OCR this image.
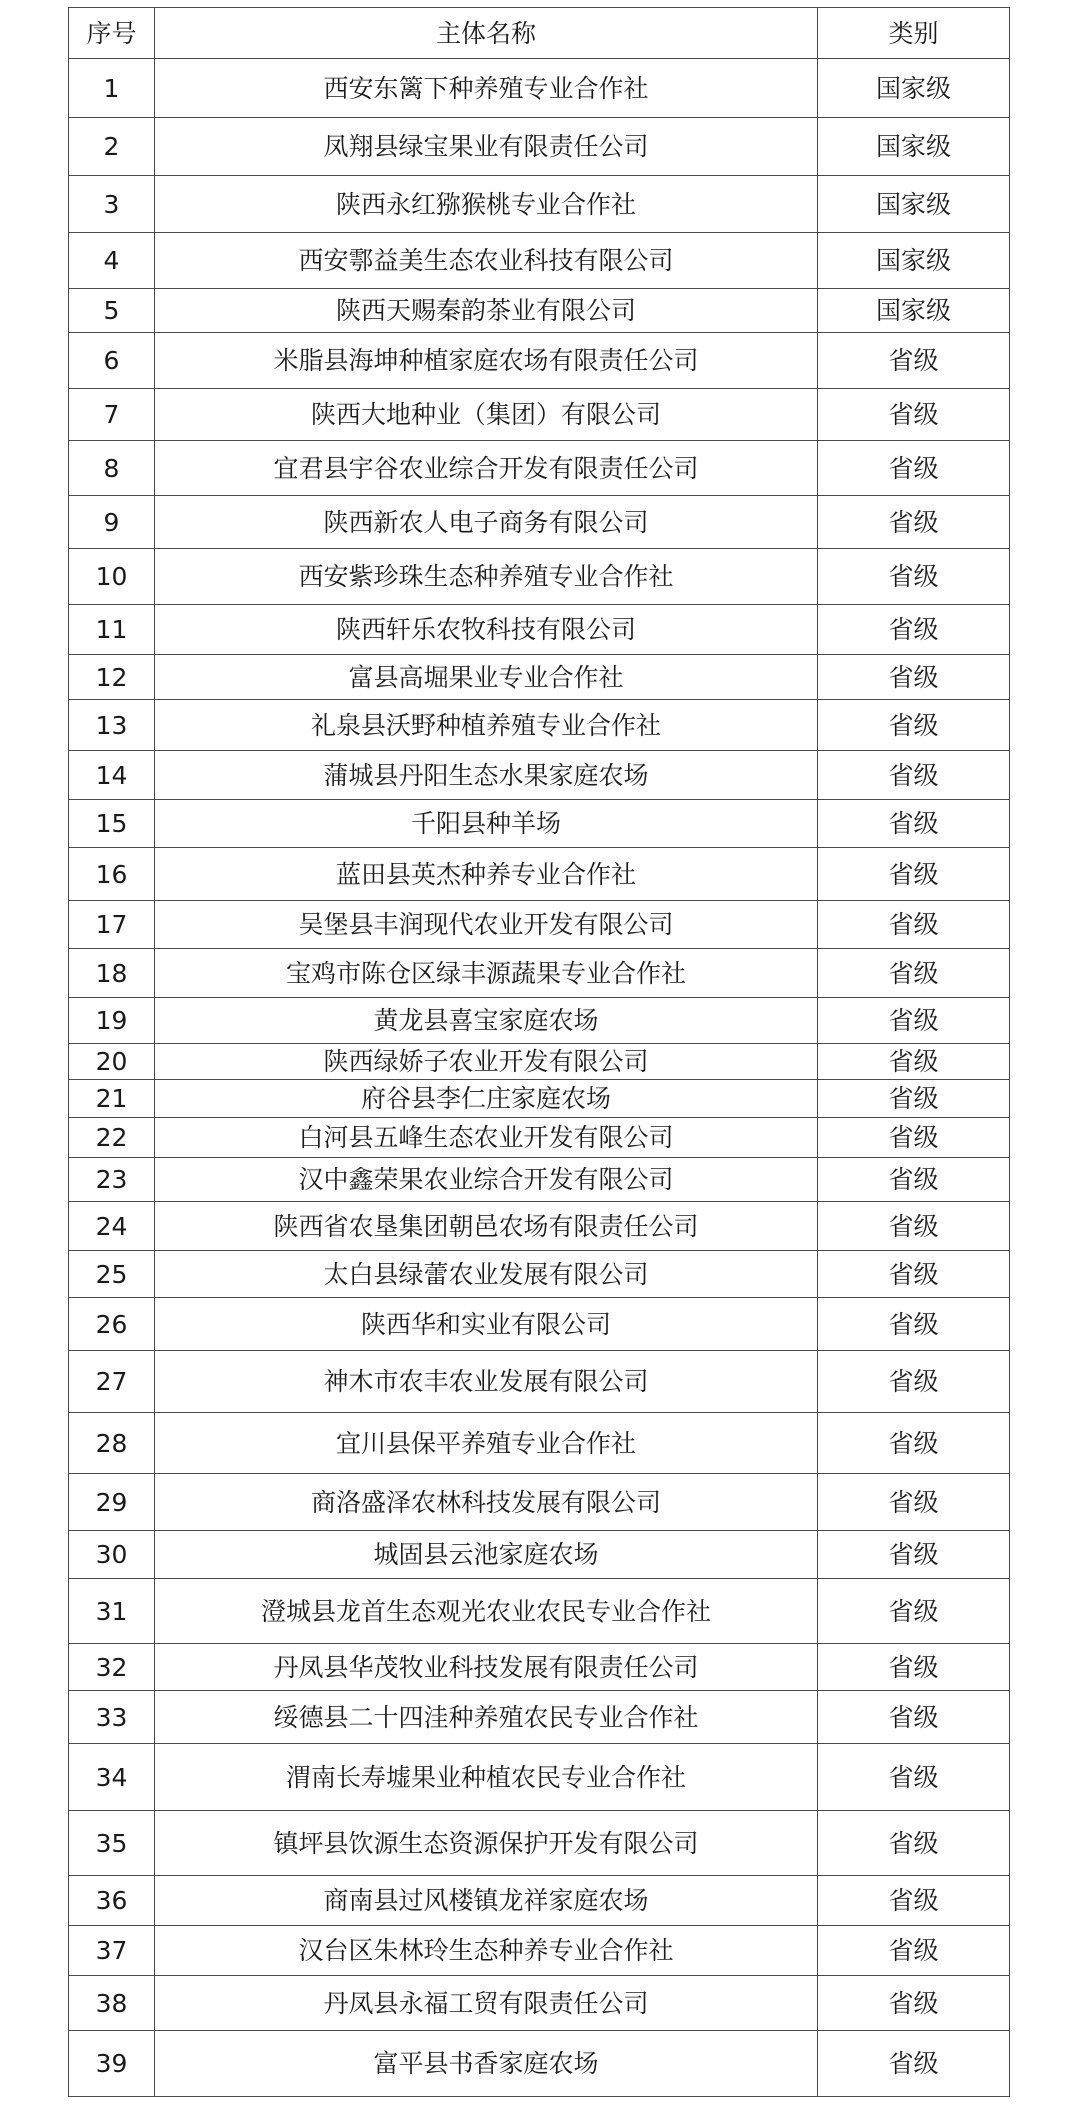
序号	主体名称	类别
1	西安东篱下种养殖专业合作社	国家级
2	凤翔县绿宝果业有限责任公司	国家级
3	陕西永红猕猴桃专业合作社	国家级
4	西安鄠益美生态农业科技有限公司	国家级
5	陕西天赐秦韵茶业有限公司	国家级
6	米脂县海坤种植家庭农场有限责任公司	省级
7	陕西大地种业（集团）有限公司	省级
8	宜君县宇谷农业综合开发有限责任公司	省级
9	陕西新农人电子商务有限公司	省级
10	西安紫珍珠生态种养殖专业合作社	省级
11	陕西轩乐农牧科技有限公司	省级
12	富县高堀果业专业合作社	省级
13	礼泉县沃野种植养殖专业合作社	省级
14	蒲城县丹阳生态水果家庭农场	省级
15	千阳县种羊场	省级
16	蓝田县英杰种养专业合作社	省级
17	吴堡县丰润现代农业开发有限公司	省级
18	宝鸡市陈仓区绿丰源蔬果专业合作社	省级
19	黄龙县喜宝家庭农场	省级
20	陕西绿娇子农业开发有限公司	省级
21	府谷县李仁庄家庭农场	省级
22	白河县五峰生态农业开发有限公司	省级
23	汉中鑫荣果农业综合开发有限公司	省级
24	陕西省农垦集团朝邑农场有限责任公司	省级
25	太白县绿蕾农业发展有限公司	省级
26	陕西华和实业有限公司	省级
27	神木市农丰农业发展有限公司	省级
28	宜川县保平养殖专业合作社	省级
29	商洛盛泽农林科技发展有限公司	省级
30	城固县云池家庭农场	省级
31	澄城县龙首生态观光农业农民专业合作社	省级
32	丹凤县华茂牧业科技发展有限责任公司	省级
33	绥德县二十四洼种养殖农民专业合作社	省级
34	渭南长寿墟果业种植农民专业合作社	省级
35	镇坪县饮源生态资源保护开发有限公司	省级
36	商南县过风楼镇龙祥家庭农场	省级
37	汉台区朱林玲生态种养专业合作社	省级
38	丹凤县永福工贸有限责任公司	省级
39	富平县书香家庭农场	省级
